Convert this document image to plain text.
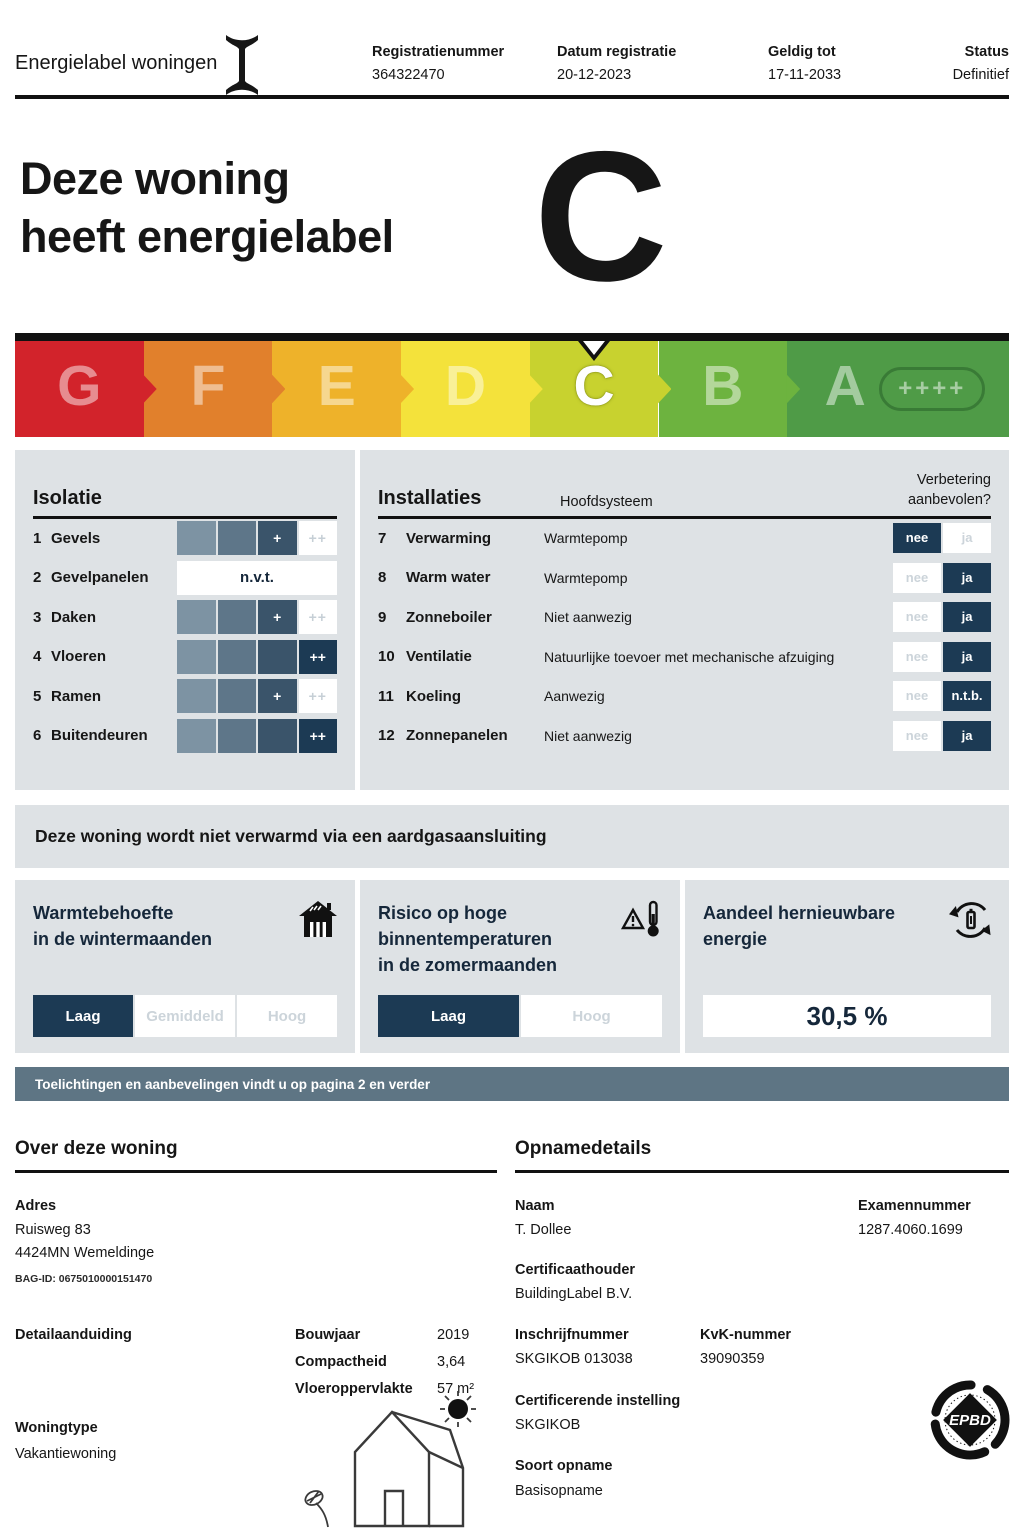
Energielabel woningen	Registratienummer
364322470
Datum registratie
20-12-2023
Geldig tot
17-11-2033
Status
Definitief
Deze woning
heeft energielabel C
G F E D C B A	++++
Isolatie
1 Gevels	+	++
2 Gevelpanelen	n.v.t.
3 Daken	+	++
4 Vloeren	++
5 Ramen	+	++
6 Buitendeuren	++
Installaties	Hoofdsysteem
Verbetering
aanbevolen?
7	Verwarming	Warmtepomp	nee	ja
8	Warm water	Warmtepomp	nee	ja
9	Zonneboiler	Niet aanwezig	nee	ja
10 Ventilatie	Natuurlijke toevoer met mechanische afzuiging	nee	ja
11 Koeling	Aanwezig	nee	n.t.b.
12 Zonnepanelen	Niet aanwezig	nee	ja
Deze woning wordt niet verwarmd via een aardgasaansluiting
Warmtebehoefte
in de wintermaanden
Laag	Gemiddeld	Hoog
Risico op hoge
binnentemperaturen
in de zomermaanden
Laag	Hoog
Aandeel hernieuwbare
energie
30,5 %
Toelichtingen en aanbevelingen vindt u op pagina 2 en verder
Over deze woning
Adres
Ruisweg 83
4424MN Wemeldinge
BAG-ID: 0675010000151470
Detailaanduiding	Bouwjaar	2019
Compactheid	3,64
Vloeroppervlakte 57 m²
Woningtype
Vakantiewoning
Opnamedetails
Naam
T. Dollee
Examennummer
1287.4060.1699
Certificaathouder
BuildingLabel B.V.
Inschrijfnummer
SKGIKOB 013038
KvK-nummer
39090359
Certificerende instelling
SKGIKOB
Soort opname
Basisopname
EPBD
